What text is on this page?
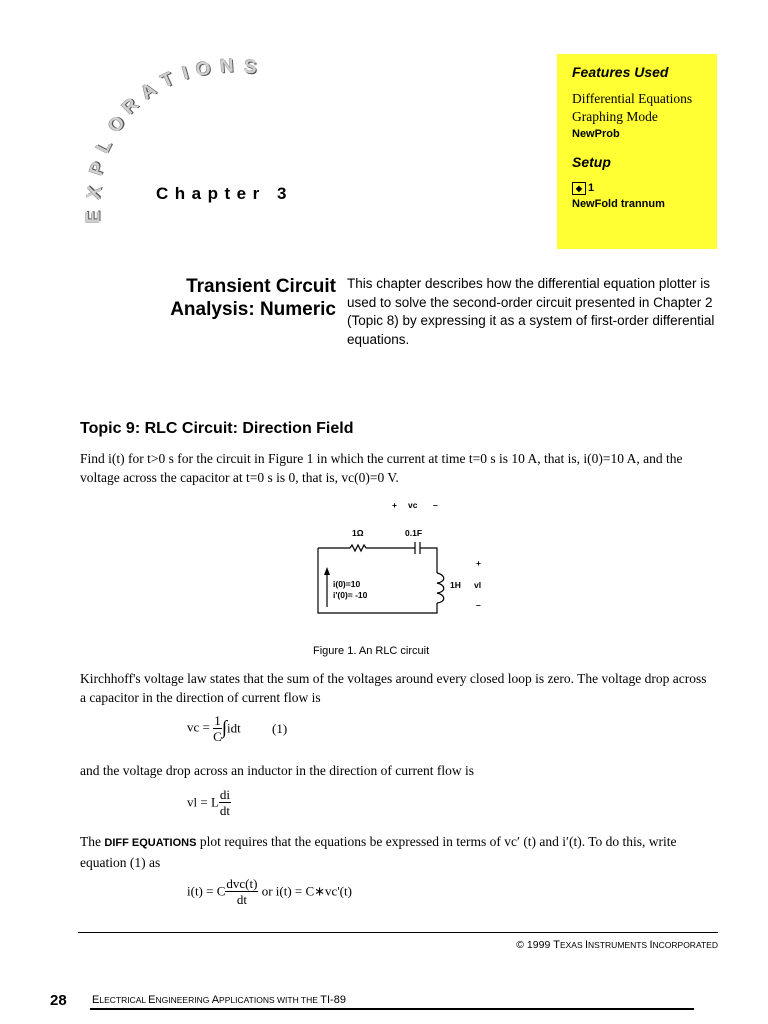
E
X
P
L
O
R
A
T I O N S
Chapter 3
Features Used
Differential Equations
Graphing Mode
NewProb
Setup
◆ 1
NewFold trannum
Transient Circuit
Analysis: Numeric
This chapter describes how the differential equation plotter is used to solve the second-order circuit presented in Chapter 2 (Topic 8) by expressing it as a system of first-order differential equations.
Topic 9: RLC Circuit: Direction Field
Find i(t) for t>0 s for the circuit in Figure 1 in which the current at time t=0 s is 10 A, that is, i(0)=10 A, and the voltage across the capacitor at t=0 s is 0, that is, vc(0)=0 V.
+ vc –
1Ω	0.1F
i(0)=10
i'(0)= -10
1H
+
vl
–
Figure 1. An RLC circuit
Kirchhoff's voltage law states that the sum of the voltages around every closed loop is zero. The voltage drop across a capacitor in the direction of current flow is
vc = $\frac{1}{C} \int idt$ (1)
and the voltage drop across an inductor in the direction of current flow is
vl = L $\frac{di}{dt}$
The DIFF EQUATIONS plot requires that the equations be expressed in terms of vc′ (t) and i′(t). To do this, write equation (1) as
i(t) = C $\frac{\text{dvc(t)}}{dt}$ or i(t) = C∗vc'(t)
© 1999 TEXAS INSTRUMENTS INCORPORATED
28 ELECTRICAL ENGINEERING APPLICATIONS WITH THE TI-89
